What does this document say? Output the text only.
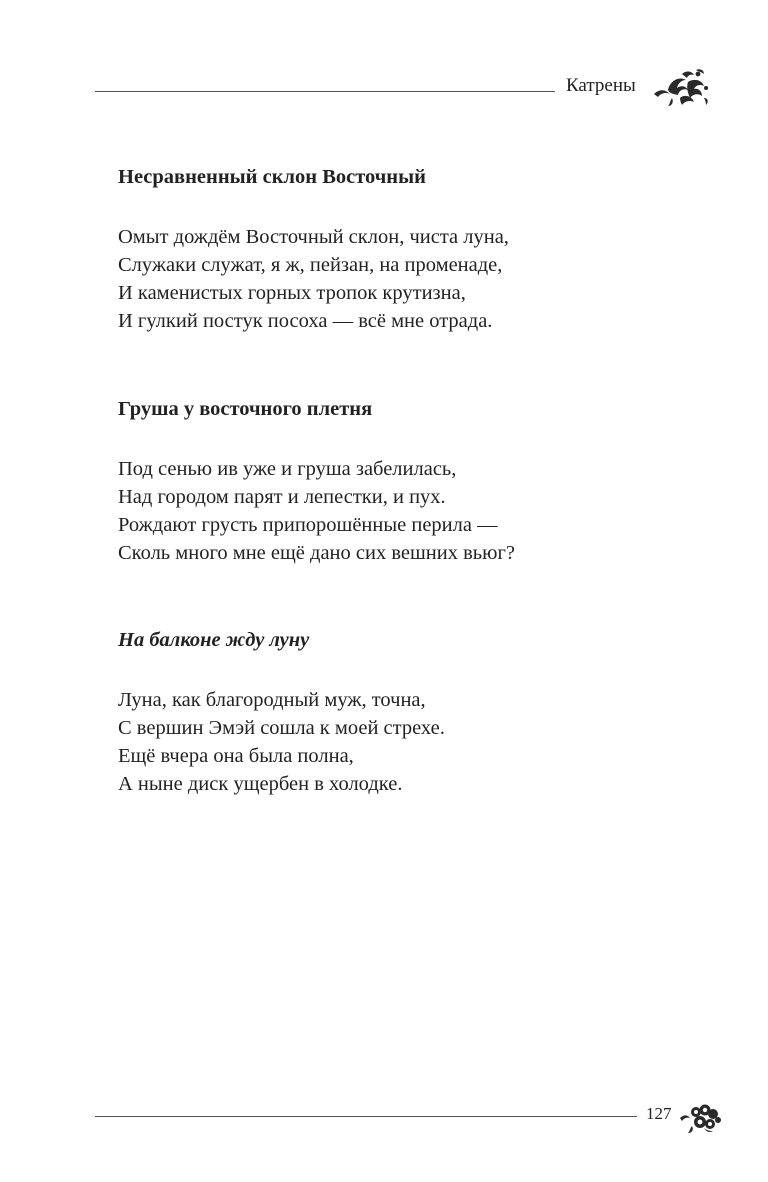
Катрены
Несравненный склон Восточный
Омыт дождём Восточный склон, чиста луна,
Служаки служат, я ж, пейзан, на променаде,
И каменистых горных тропок крутизна,
И гулкий постук посоха — всё мне отрада.
Груша у восточного плетня
Под сенью ив уже и груша забелилась,
Над городом парят и лепестки, и пух.
Рождают грусть припорошённые перила —
Сколь много мне ещё дано сих вешних вьюг?
На балконе жду луну
Луна, как благородный муж, точна,
С вершин Эмэй сошла к моей стрехе.
Ещё вчера она была полна,
А ныне диск ущербен в холодке.
127
